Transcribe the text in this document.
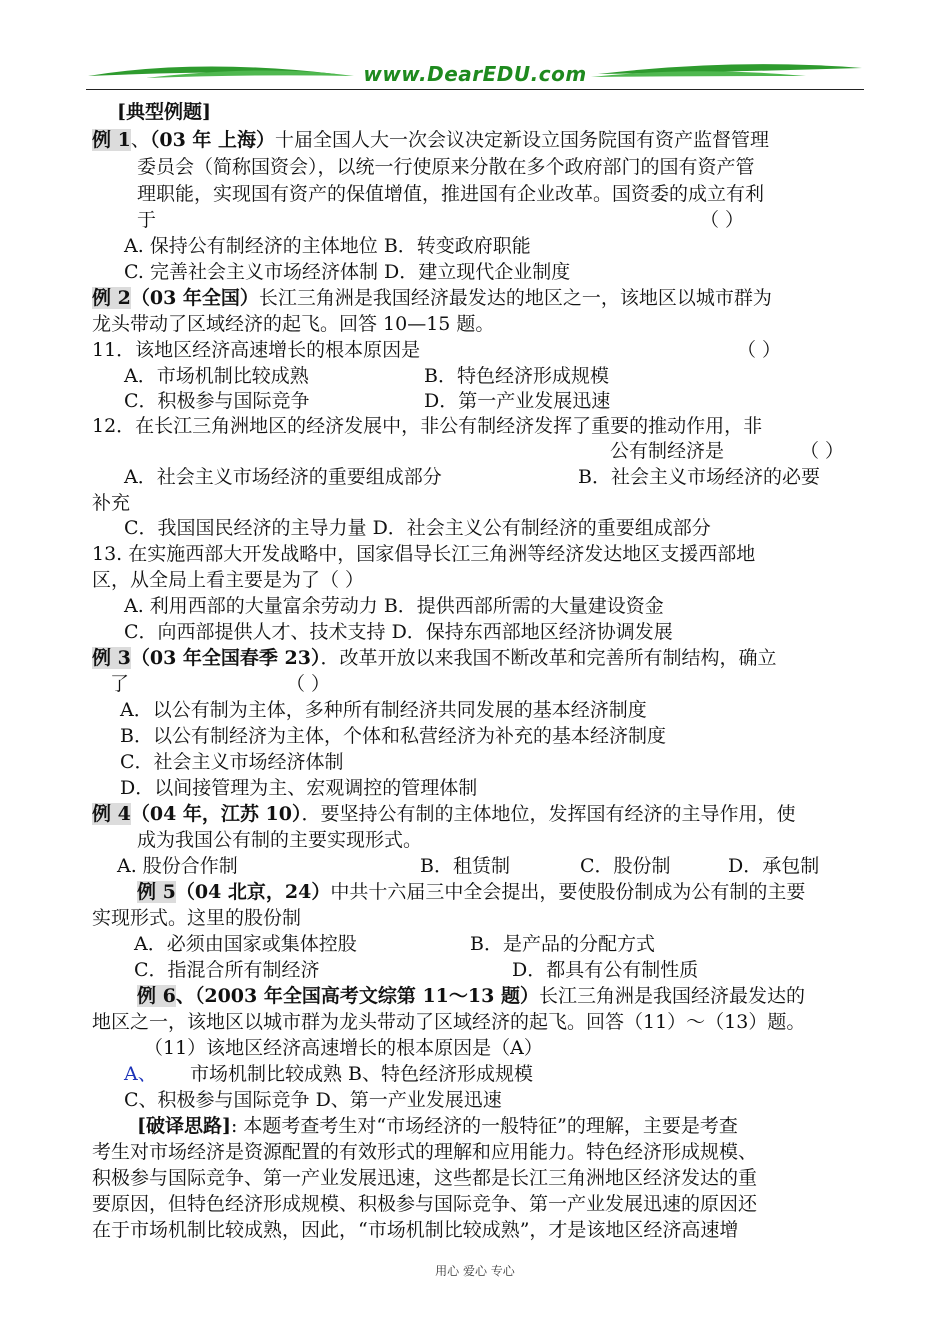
www.DearEDU.com
[典型例题]
例 1、（03 年 上海）十届全国人大一次会议决定新设立国务院国有资产监督管理
委员会（简称国资会），以统一行使原来分散在多个政府部门的国有资产管
理职能，实现国有资产的保值增值，推进国有企业改革。国资委的成立有利
于	（ ）
A. 保持公有制经济的主体地位 B．转变政府职能
C. 完善社会主义市场经济体制 D．建立现代企业制度
例 2（03 年全国）长江三角洲是我国经济最发达的地区之一，该地区以城市群为
龙头带动了区域经济的起飞。回答 10—15 题。
11．该地区经济高速增长的根本原因是	（ ）
A．市场机制比较成熟	B．特色经济形成规模
C．积极参与国际竞争	D．第一产业发展迅速
12．在长江三角洲地区的经济发展中，非公有制经济发挥了重要的推动作用，非
公有制经济是	（ ）
A．社会主义市场经济的重要组成部分	B．社会主义市场经济的必要
补充
C．我国国民经济的主导力量 D．社会主义公有制经济的重要组成部分
13. 在实施西部大开发战略中，国家倡导长江三角洲等经济发达地区支援西部地
区，从全局上看主要是为了（ ）
A. 利用西部的大量富余劳动力 B．提供西部所需的大量建设资金
C．向西部提供人才、技术支持 D．保持东西部地区经济协调发展
例 3（03 年全国春季 23）．改革开放以来我国不断改革和完善所有制结构，确立
了	（ ）
A．以公有制为主体，多种所有制经济共同发展的基本经济制度
B．以公有制经济为主体，个体和私营经济为补充的基本经济制度
C．社会主义市场经济体制
D．以间接管理为主、宏观调控的管理体制
例 4（04 年，江苏 10）．要坚持公有制的主体地位，发挥国有经济的主导作用，使
成为我国公有制的主要实现形式。
A. 股份合作制	B．租赁制	C．股份制	D．承包制
例 5（04 北京，24）中共十六届三中全会提出，要使股份制成为公有制的主要
实现形式。这里的股份制
A．必须由国家或集体控股	B．是产品的分配方式
C．指混合所有制经济	D．都具有公有制性质
例 6、（2003 年全国高考文综第 11～13 题）长江三角洲是我国经济最发达的
地区之一，该地区以城市群为龙头带动了区域经济的起飞。回答（11）～（13）题。
（11）该地区经济高速增长的根本原因是（A）
A、 市场机制比较成熟 B、特色经济形成规模
C、积极参与国际竞争 D、第一产业发展迅速
[破译思路]: 本题考查考生对“市场经济的一般特征”的理解，主要是考查
考生对市场经济是资源配置的有效形式的理解和应用能力。特色经济形成规模、
积极参与国际竞争、第一产业发展迅速，这些都是长江三角洲地区经济发达的重
要原因，但特色经济形成规模、积极参与国际竞争、第一产业发展迅速的原因还
在于市场机制比较成熟，因此，“市场机制比较成熟”，才是该地区经济高速增
用心 爱心 专心
